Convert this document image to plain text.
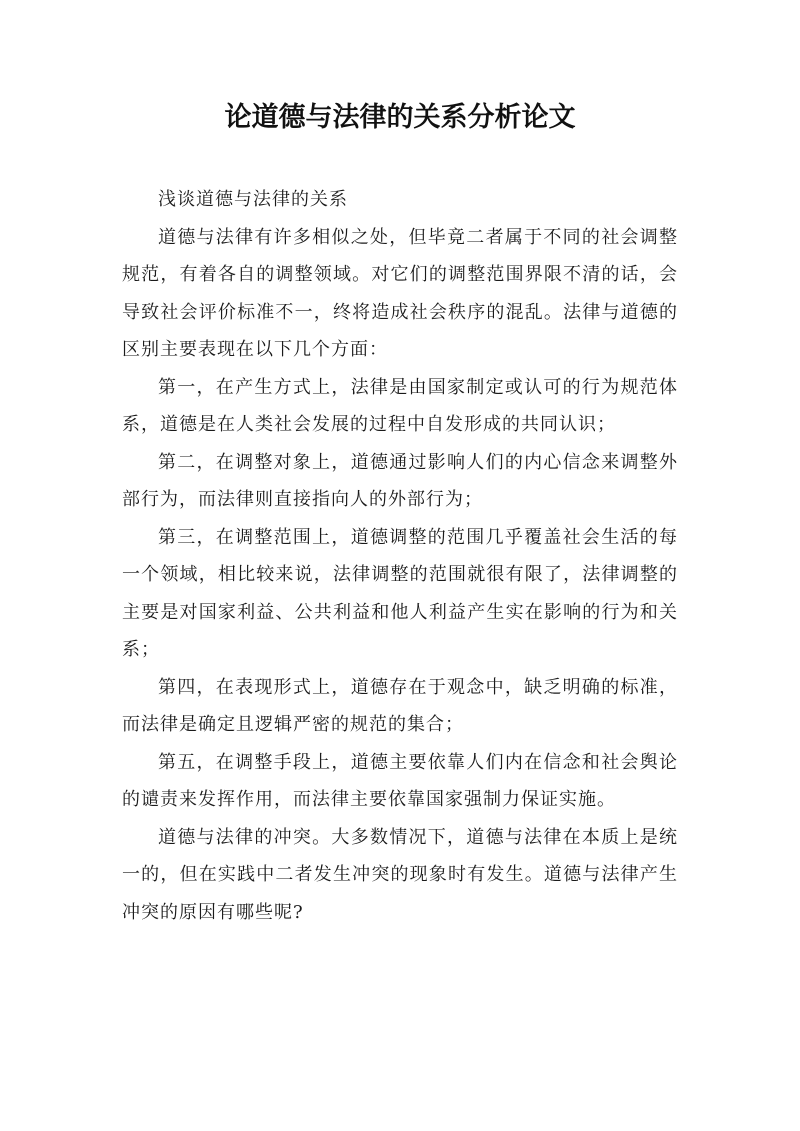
论道德与法律的关系分析论文

浅谈道德与法律的关系

道德与法律有许多相似之处，但毕竟二者属于不同的社会调整规范，有着各自的调整领域。对它们的调整范围界限不清的话，会导致社会评价标准不一，终将造成社会秩序的混乱。法律与道德的区别主要表现在以下几个方面：

第一，在产生方式上，法律是由国家制定或认可的行为规范体系，道德是在人类社会发展的过程中自发形成的共同认识；

第二，在调整对象上，道德通过影响人们的内心信念来调整外部行为，而法律则直接指向人的外部行为；

第三，在调整范围上，道德调整的范围几乎覆盖社会生活的每一个领域，相比较来说，法律调整的范围就很有限了，法律调整的主要是对国家利益、公共利益和他人利益产生实在影响的行为和关系；

第四，在表现形式上，道德存在于观念中，缺乏明确的标准，而法律是确定且逻辑严密的规范的集合；

第五，在调整手段上，道德主要依靠人们内在信念和社会舆论的谴责来发挥作用，而法律主要依靠国家强制力保证实施。

道德与法律的冲突。大多数情况下，道德与法律在本质上是统一的，但在实践中二者发生冲突的现象时有发生。道德与法律产生冲突的原因有哪些呢?
